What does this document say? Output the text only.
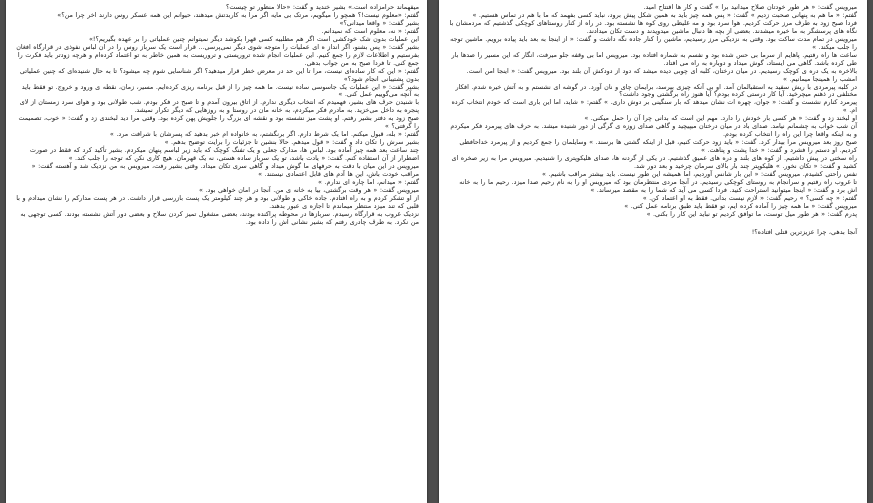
میفهماند حرامزاده است.» بشیر خندید و گفت: «حالا منظور تو چیست؟

گفتم: «معلوم نیست!؟ همچو را میگویم، مرتک بی مایه اگر مرا به کاربدتش میدهند، حیوانم این همه عسکر روس دارند اخر چرا من؟»

بشیر گفت: « واقعا میدانی؟»

گفتم: « نه، معلوم است که نمیدانم.

این عملیات بدون شک خودکشی است اگر هم مطلبیه کسی قهرا بکوشد دیگر نمیتوانم چنین عملیاتی را بر عهده بگیریم؟!»

بشیر گفت: « پس بشنو، اگر انداز ه ای عملیات را متوجه شوی دیگر نمی‌پرسی... قرار است یک سرباز روس را در ان لباس نفوذی در قرارگاه افغان بفرستیم و اطلاعات لازم را جمع کنیم. این عملیات انجام شده تروریستی و تروریست به همین خاطر به تو اعتماد کرده‌ام و هرچه زودتر باید فکرت را جمع کنی. تا فردا صبح به من جواب بدهی.

گفتم: « این که کار ساده‌ای نیست، مرا تا این حد در معرض خطر قرار میدهید؟ اگر شناسایی شوم چه میشود؟ تا به حال شنیده‌ای که چنین عملیاتی بدون پشتیبانی انجام شود؟»

بشیر گفت: « این عملیات یک جاسوسی ساده نیست. ما همه چیز را از قبل برنامه ریزی کرده‌ایم. مسیر، زمان، نقطه ی ورود و خروج. تو فقط باید به آنچه می‌گوییم عمل کنی. »

با شنیدن حرف های بشیر، فهمیدم که انتخاب دیگری ندارم. از اتاق بیرون آمدم و تا صبح در فکر بودم. شب طولانی بود و هوای سرد زمستان از لای پنجره به داخل می‌خزید. به مادرم فکر میکردم، به خانه مان در روستا و به روزهایی که دیگر تکرار نمیشد.

صبح زود به دفتر بشیر رفتم. او پشت میز نشسته بود و نقشه ای بزرگ را جلویش پهن کرده بود. وقتی مرا دید لبخندی زد و گفت: « خوب، تصمیمت را گرفتی؟ »

گفتم: « بله، قبول میکنم. اما یک شرط دارم. اگر برنگشتم، به خانواده ام خبر بدهید که پسرشان با شرافت مرد. »

بشیر سرش را تکان داد و گفت: « قول میدهم. حالا بنشین تا جزئیات را برایت توضیح بدهم. »

چند ساعت بعد همه چیز آماده بود. لباس ها، مدارک جعلی و یک تفنگ کوچک که باید زیر لباسم پنهان میکردم. بشیر تأکید کرد که فقط در صورت اضطرار از آن استفاده کنم. گفت: « یادت باشد، تو یک سرباز ساده هستی، نه یک قهرمان. هیچ کاری نکن که توجه را جلب کند. »

میرویس در این میان با دقت به حرفهای ما گوش میداد و گاهی سری تکان میداد. وقتی بشیر رفت، میرویس به من نزدیک شد و آهسته گفت: « مراقب خودت باش، این ها آدم های قابل اعتمادی نیستند. »

گفتم: « میدانم، اما چاره ای ندارم. »

میرویس گفت: « هر وقت برگشتی، بیا به خانه ی من. آنجا در امان خواهی بود. »

از او تشکر کردم و به راه افتادم. جاده خاکی و طولانی بود و هر چند کیلومتر یک پست بازرسی قرار داشت. در هر پست مدارکم را نشان میدادم و با قلبی که تند میزد منتظر میماندم تا اجازه ی عبور بدهند.

نزدیک غروب به قرارگاه رسیدم. سربازها در محوطه پراکنده بودند، بعضی مشغول تمیز کردن سلاح و بعضی دور آتش نشسته بودند. کسی توجهی به من نکرد. به طرف چادری رفتم که بشیر نشانی اش را داده بود.

میرویس گفت: « هر طور خودتان صلاح میدانید برا » گفت و کار ها افتتاح امید.

گفتم: « ما هم به پنهانی صحبت زدیم » گفت: « پس همه چیز باید به همین شکل پیش برود، نباید کسی بفهمد که ما با هم در تماس هستیم. »

فردا صبح زود به طرف مرز حرکت کردیم. هوا سرد بود و مه غلیظی روی کوه ها نشسته بود. در راه از کنار روستاهای کوچکی گذشتیم که مردمشان با نگاه های پرسشگر به ما خیره میشدند. بعضی از بچه ها دنبال ماشین میدویدند و دست تکان میدادند.

میرویس در تمام مدت ساکت بود. وقتی به نزدیکی مرز رسیدیم، ماشین را کنار جاده نگه داشت و گفت: « از اینجا به بعد باید پیاده برویم. ماشین توجه را جلب میکند. »

ساعت ها راه رفتیم. پاهایم از سرما بی حس شده بود و نفسم به شماره افتاده بود. میرویس اما بی وقفه جلو میرفت، انگار که این مسیر را صدها بار طی کرده باشد. گاهی می ایستاد، گوش میداد و دوباره به راه می افتاد.

بالاخره به یک دره ی کوچک رسیدیم. در میان درختان، کلبه ای چوبی دیده میشد که دود از دودکش آن بلند بود. میرویس گفت: « اینجا امن است. امشب را همینجا میمانیم. »

در کلبه پیرمردی با ریش سفید به استقبالمان آمد. او بی آنکه چیزی بپرسد، برایمان چای و نان آورد. در گوشه ای نشستم و به آتش خیره شدم. افکار مختلفی در ذهنم میچرخید. آیا کار درستی کرده بودم؟ آیا هنوز راه برگشتی وجود داشت؟

پیرمرد کنارم نشست و گفت: « جوان، چهره ات نشان میدهد که بار سنگینی بر دوش داری. » گفتم: « شاید، اما این باری است که خودم انتخاب کرده ام. »

او لبخند زد و گفت: « هر کسی بار خودش را دارد. مهم این است که بدانی چرا آن را حمل میکنی. »

آن شب خواب به چشمانم نیامد. صدای باد در میان درختان میپیچید و گاهی صدای زوزه ی گرگی از دور شنیده میشد. به حرف های پیرمرد فکر میکردم و به اینکه واقعا چرا این راه را انتخاب کرده بودم.

صبح روز بعد میرویس مرا بیدار کرد. گفت: « باید زود حرکت کنیم، قبل از اینکه گشتی ها برسند. » وسایلمان را جمع کردیم و از پیرمرد خداحافظی کردیم. او دستم را فشرد و گفت: « خدا پشت و پناهت. »

راه سختی در پیش داشتیم. از کوه های بلند و دره های عمیق گذشتیم. در یکی از گردنه ها، صدای هلیکوپتری را شنیدیم. میرویس مرا به زیر صخره ای کشید و گفت: « تکان نخور. » هلیکوپتر چند بار بالای سرمان چرخید و بعد دور شد.

نفس راحتی کشیدم. میرویس گفت: « این بار شانس آوردیم، اما همیشه این طور نیست. باید بیشتر مراقب باشیم. »

تا غروب راه رفتیم و سرانجام به روستای کوچکی رسیدیم. در آنجا مردی منتظرمان بود که میرویس او را به نام رحیم صدا میزد. رحیم ما را به خانه اش برد و گفت: « اینجا میتوانید استراحت کنید. فردا کسی می آید که شما را به مقصد میرساند. »

گفتم: « چه کسی؟ » رحیم گفت: « لازم نیست بدانی. فقط به او اعتماد کن. »

میرویس گفت: « ما همه چیز را آماده کرده ایم، تو فقط باید طبق برنامه عمل کنی. »

پدرم گفت: « هر طور میل توست، ما توافق کردیم تو نباید این کار را بکنی. »

آنجا بدهی، چرا عزیزترین قتلی افتاده؟!
